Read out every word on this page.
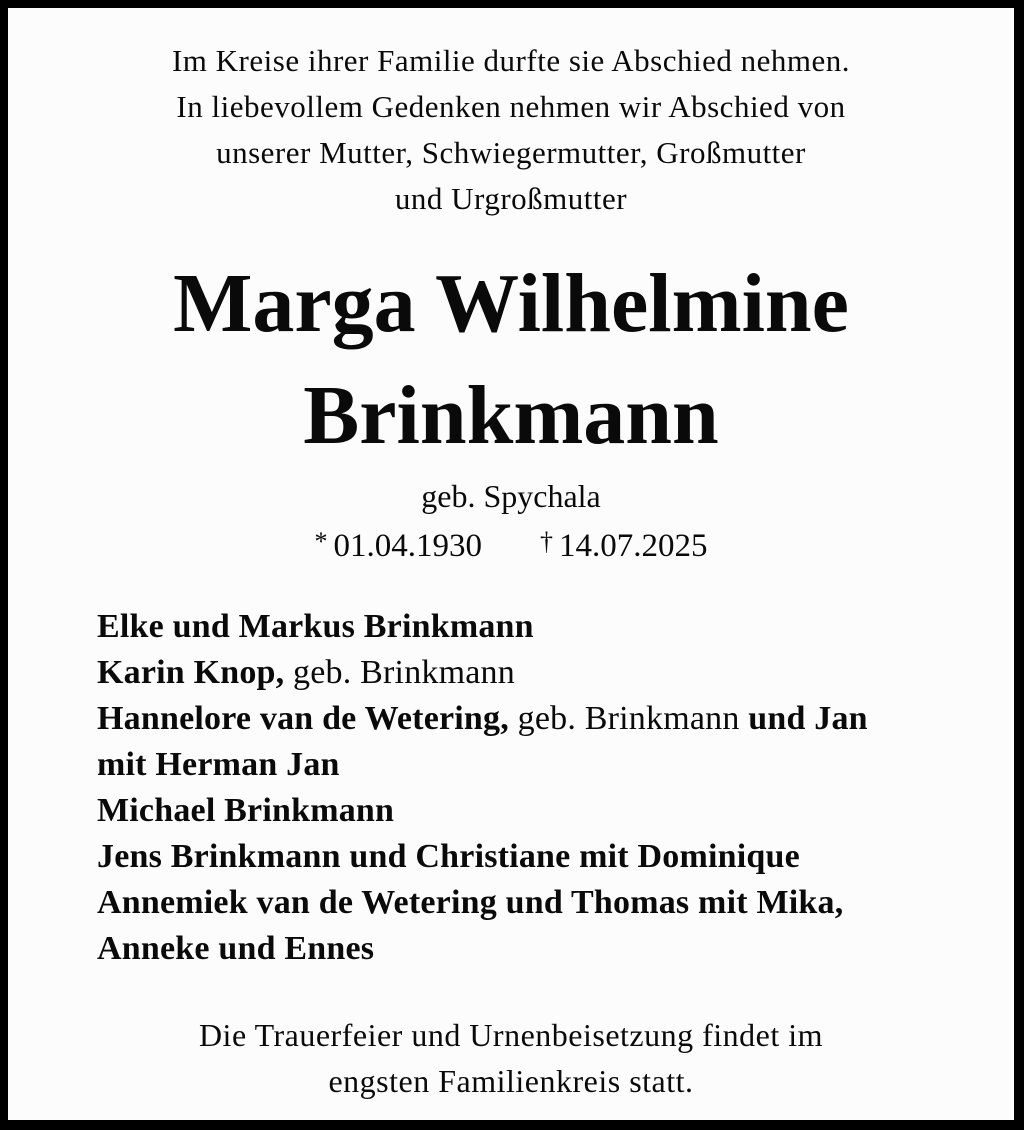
Im Kreise ihrer Familie durfte sie Abschied nehmen.
In liebevollem Gedenken nehmen wir Abschied von
unserer Mutter, Schwiegermutter, Großmutter
und Urgroßmutter
Marga Wilhelmine
Brinkmann
geb. Spychala
* 01.04.1930 † 14.07.2025
Elke und Markus Brinkmann
Karin Knop, geb. Brinkmann
Hannelore van de Wetering, geb. Brinkmann und Jan
mit Herman Jan
Michael Brinkmann
Jens Brinkmann und Christiane mit Dominique
Annemiek van de Wetering und Thomas mit Mika,
Anneke und Ennes
Die Trauerfeier und Urnenbeisetzung findet im
engsten Familienkreis statt.
